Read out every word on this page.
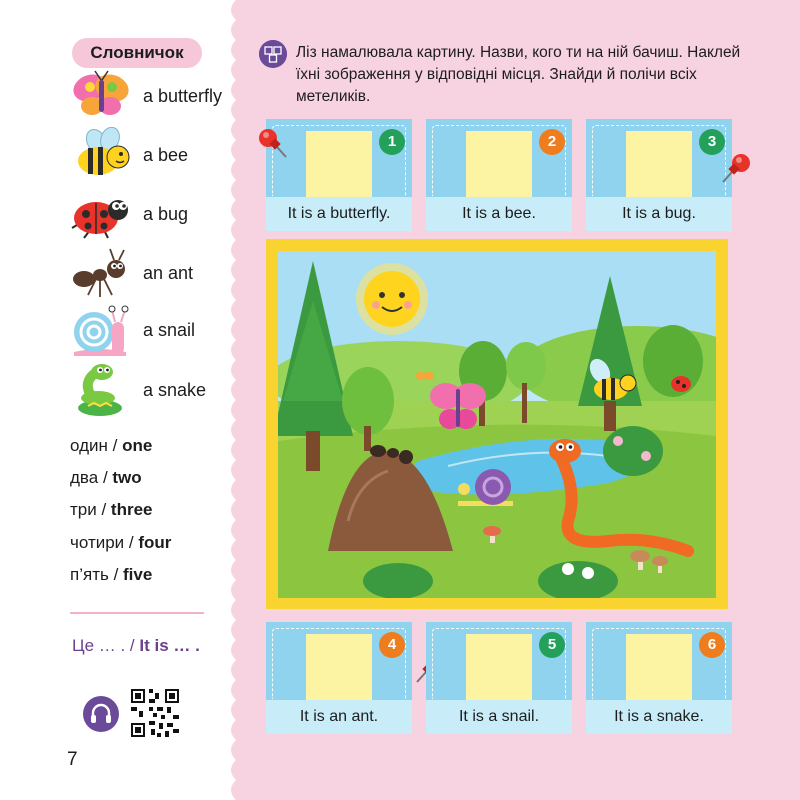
Словничок
a butterfly
a bee
a bug
an ant
a snail
a snake
один / one
два / two
три / three
чотири / four
п’ять / five
Це … . / It is … .
7
Ліз намалювала картину. Назви, кого ти на ній бачиш. Наклей їхні зображення у відповідні місця. Знайди й полічи всіх метеликів.
1
It is a butterfly.
2
It is a bee.
3
It is a bug.
4
It is an ant.
5
It is a snail.
6
It is a snake.
